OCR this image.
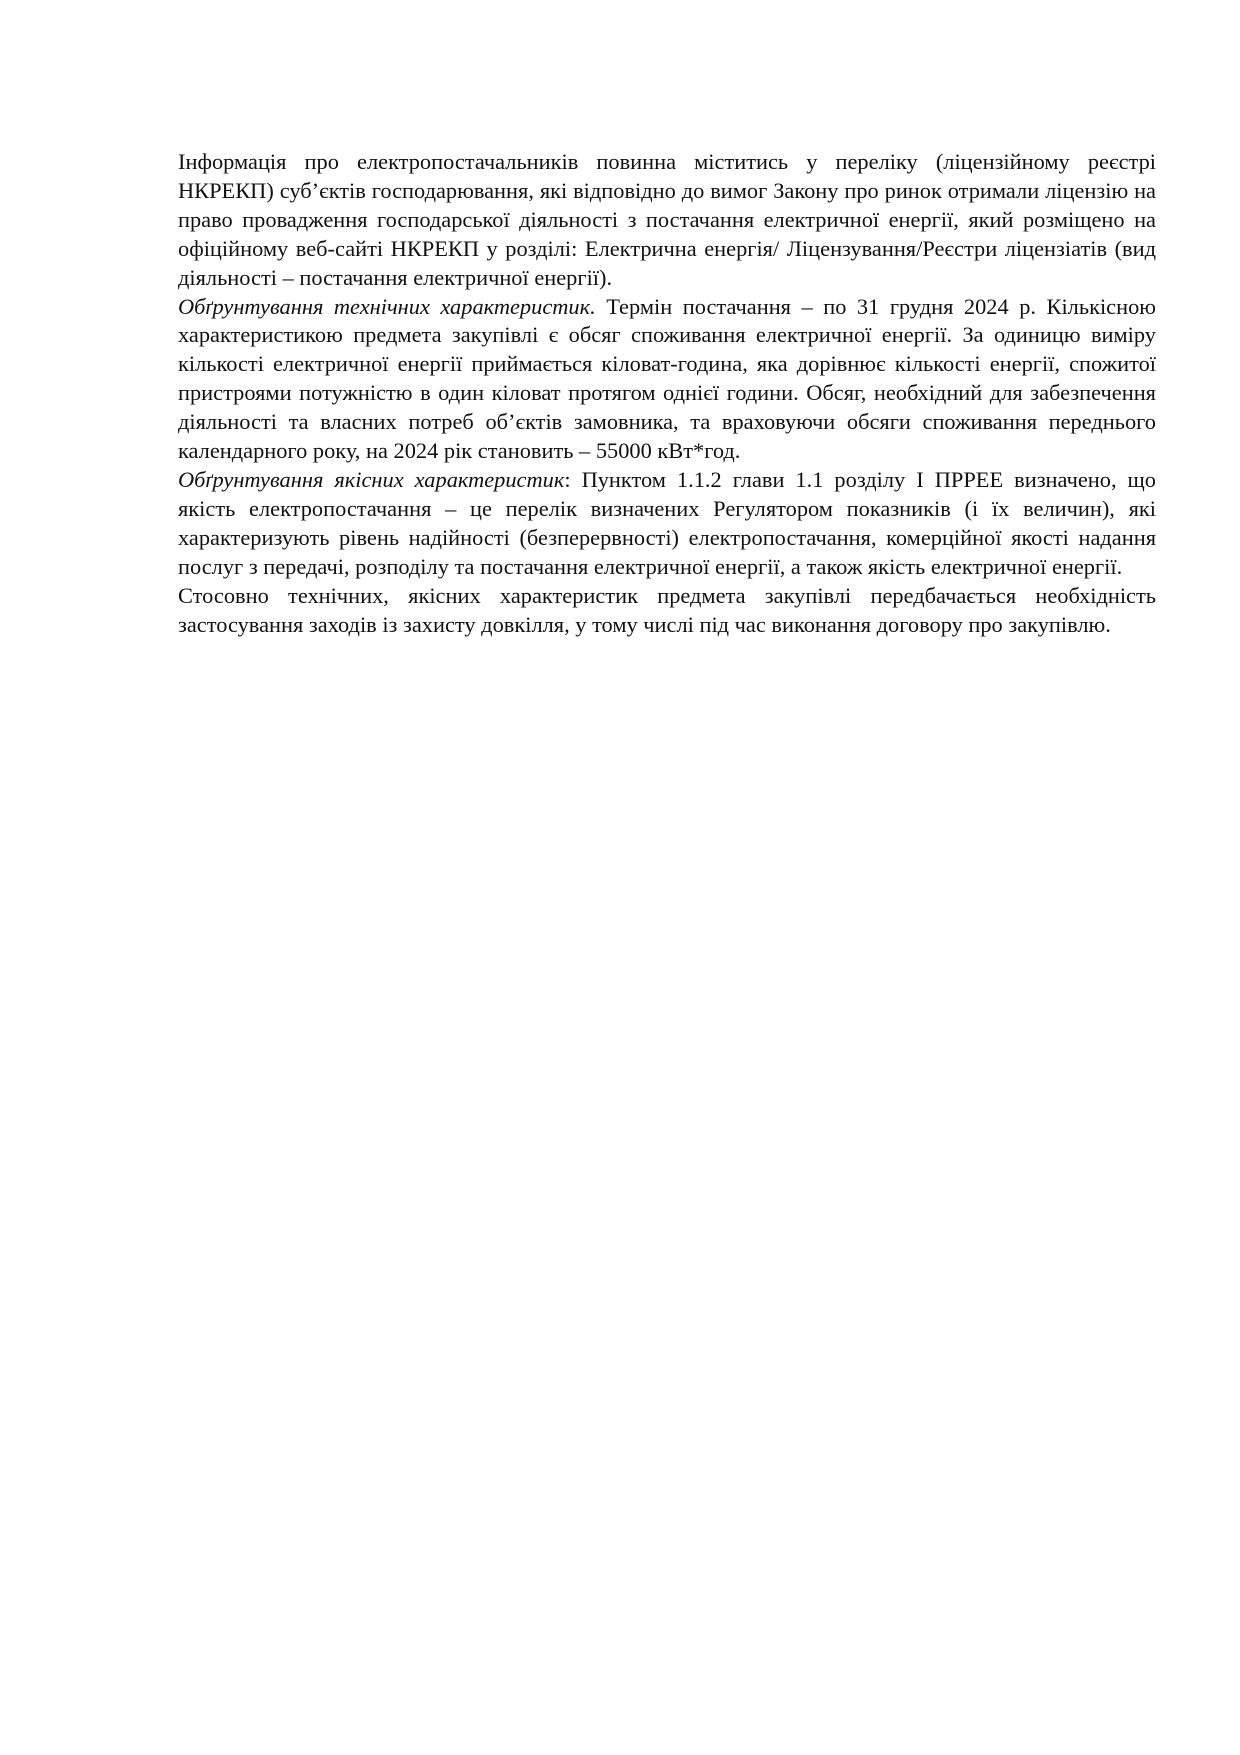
Інформація про електропостачальників повинна міститись у переліку (ліцензійному реєстрі НКРЕКП) суб’єктів господарювання, які відповідно до вимог Закону про ринок отримали ліцензію на право провадження господарської діяльності з постачання електричної енергії, який розміщено на офіційному веб-сайті НКРЕКП у розділі: Електрична енергія/ Ліцензування/Реєстри ліцензіатів (вид діяльності – постачання електричної енергії).

Обґрунтування технічних характеристик. Термін постачання – по 31 грудня 2024 р. Кількісною характеристикою предмета закупівлі є обсяг споживання електричної енергії. За одиницю виміру кількості електричної енергії приймається кіловат-година, яка дорівнює кількості енергії, спожитої пристроями потужністю в один кіловат протягом однієї години. Обсяг, необхідний для забезпечення діяльності та власних потреб об’єктів замовника, та враховуючи обсяги споживання переднього календарного року, на 2024 рік становить – 55000 кВт*год.

Обґрунтування якісних характеристик: Пунктом 1.1.2 глави 1.1 розділу І ПРРЕЕ визначено, що якість електропостачання – це перелік визначених Регулятором показників (і їх величин), які характеризують рівень надійності (безперервності) електропостачання, комерційної якості надання послуг з передачі, розподілу та постачання електричної енергії, а також якість електричної енергії.

Стосовно технічних, якісних характеристик предмета закупівлі передбачається необхідність застосування заходів із захисту довкілля, у тому числі під час виконання договору про закупівлю.
